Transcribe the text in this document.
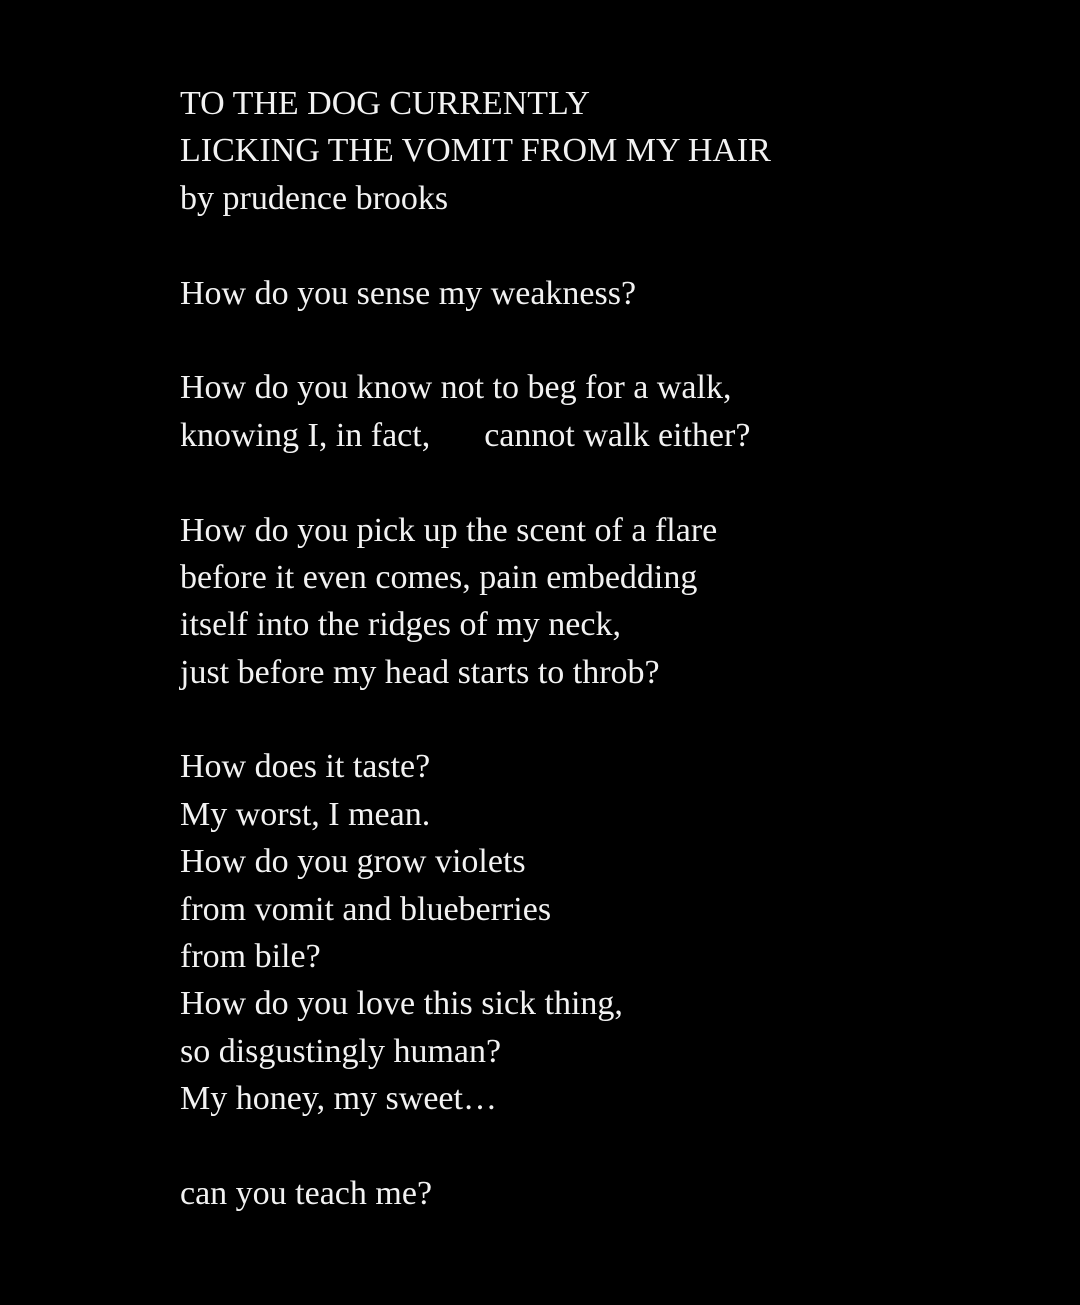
TO THE DOG CURRENTLY
LICKING THE VOMIT FROM MY HAIR
by prudence brooks
How do you sense my weakness?
How do you know not to beg for a walk,
knowing I, in fact, cannot walk either?
How do you pick up the scent of a flare
before it even comes, pain embedding
itself into the ridges of my neck,
just before my head starts to throb?
How does it taste?
My worst, I mean.
How do you grow violets
from vomit and blueberries
from bile?
How do you love this sick thing,
so disgustingly human?
My honey, my sweet…
can you teach me?
